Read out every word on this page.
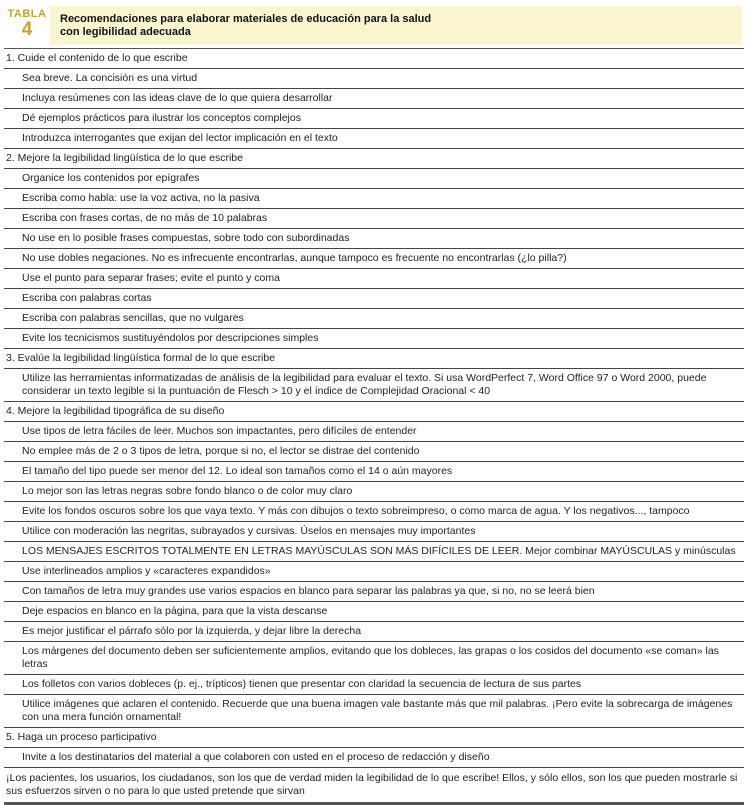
TABLA
4
Recomendaciones para elaborar materiales de educación para la salud
con legibilidad adecuada
1. Cuide el contenido de lo que escribe
Sea breve. La concisión es una virtud
Incluya resúmenes con las ideas clave de lo que quiera desarrollar
Dé ejemplos prácticos para ilustrar los conceptos complejos
Introduzca interrogantes que exijan del lector implicación en el texto
2. Mejore la legibilidad lingüística de lo que escribe
Organice los contenidos por epígrafes
Escriba como habla: use la voz activa, no la pasiva
Escriba con frases cortas, de no más de 10 palabras
No use en lo posible frases compuestas, sobre todo con subordinadas
No use dobles negaciones. No es infrecuente encontrarlas, aunque tampoco es frecuente no encontrarlas (¿lo pilla?)
Use el punto para separar frases; evite el punto y coma
Escriba con palabras cortas
Escriba con palabras sencillas, que no vulgares
Evite los tecnicismos sustituyéndolos por descripciones simples
3. Evalúe la legibilidad lingüística formal de lo que escribe
Utilize las herramientas informatizadas de análisis de la legibilidad para evaluar el texto. Si usa WordPerfect 7, Word Office 97 o Word 2000, puede considerar un texto legible si la puntuación de Flesch > 10 y el índice de Complejidad Oracional < 40
4. Mejore la legibilidad tipográfica de su diseño
Use tipos de letra fáciles de leer. Muchos son impactantes, pero difíciles de entender
No emplee más de 2 o 3 tipos de letra, porque si no, el lector se distrae del contenido
El tamaño del tipo puede ser menor del 12. Lo ideal son tamaños como el 14 o aún mayores
Lo mejor son las letras negras sobre fondo blanco o de color muy claro
Evite los fondos oscuros sobre los que vaya texto. Y más con dibujos o texto sobreimpreso, o como marca de agua. Y los negativos..., tampoco
Utilice con moderación las negritas, subrayados y cursivas. Úselos en mensajes muy importantes
LOS MENSAJES ESCRITOS TOTALMENTE EN LETRAS MAYÚSCULAS SON MÁS DIFÍCILES DE LEER. Mejor combinar MAYÚSCULAS y minúsculas
Use interlineados amplios y «caracteres expandidos»
Con tamaños de letra muy grandes use varios espacios en blanco para separar las palabras ya que, si no, no se leerá bien
Deje espacios en blanco en la página, para que la vista descanse
Es mejor justificar el párrafo sólo por la izquierda, y dejar libre la derecha
Los márgenes del documento deben ser suficientemente amplios, evitando que los dobleces, las grapas o los cosidos del documento «se coman» las letras
Los folletos con varios dobleces (p. ej., trípticos) tienen que presentar con claridad la secuencia de lectura de sus partes
Utilice imágenes que aclaren el contenido. Recuerde que una buena imagen vale bastante más que mil palabras. ¡Pero evite la sobrecarga de imágenes con una mera función ornamental!
5. Haga un proceso participativo
Invite a los destinatarios del material a que colaboren con usted en el proceso de redacción y diseño
¡Los pacientes, los usuarios, los ciudadanos, son los que de verdad miden la legibilidad de lo que escribe! Ellos, y sólo ellos, son los que pueden mostrarle si sus esfuerzos sirven o no para lo que usted pretende que sirvan
